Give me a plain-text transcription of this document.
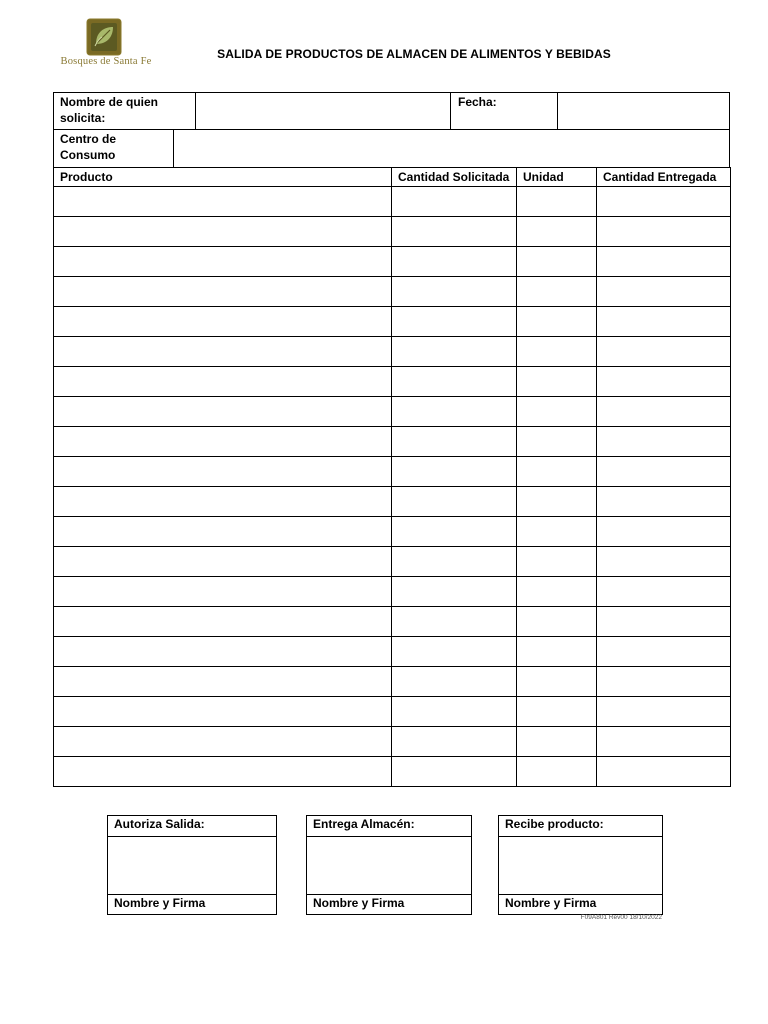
Bosques de Santa Fe
SALIDA DE PRODUCTOS DE ALMACEN DE ALIMENTOS Y BEBIDAS
Nombre de quien
solicita:
Fecha:
Centro de
Consumo
Producto	Cantidad Solicitada	Unidad	Cantidad Entregada

Autoriza Salida:
Nombre y Firma
Entrega Almacén:
Nombre y Firma
Recibe producto:
Nombre y Firma
F09A801 Rev00 18/10/2022
